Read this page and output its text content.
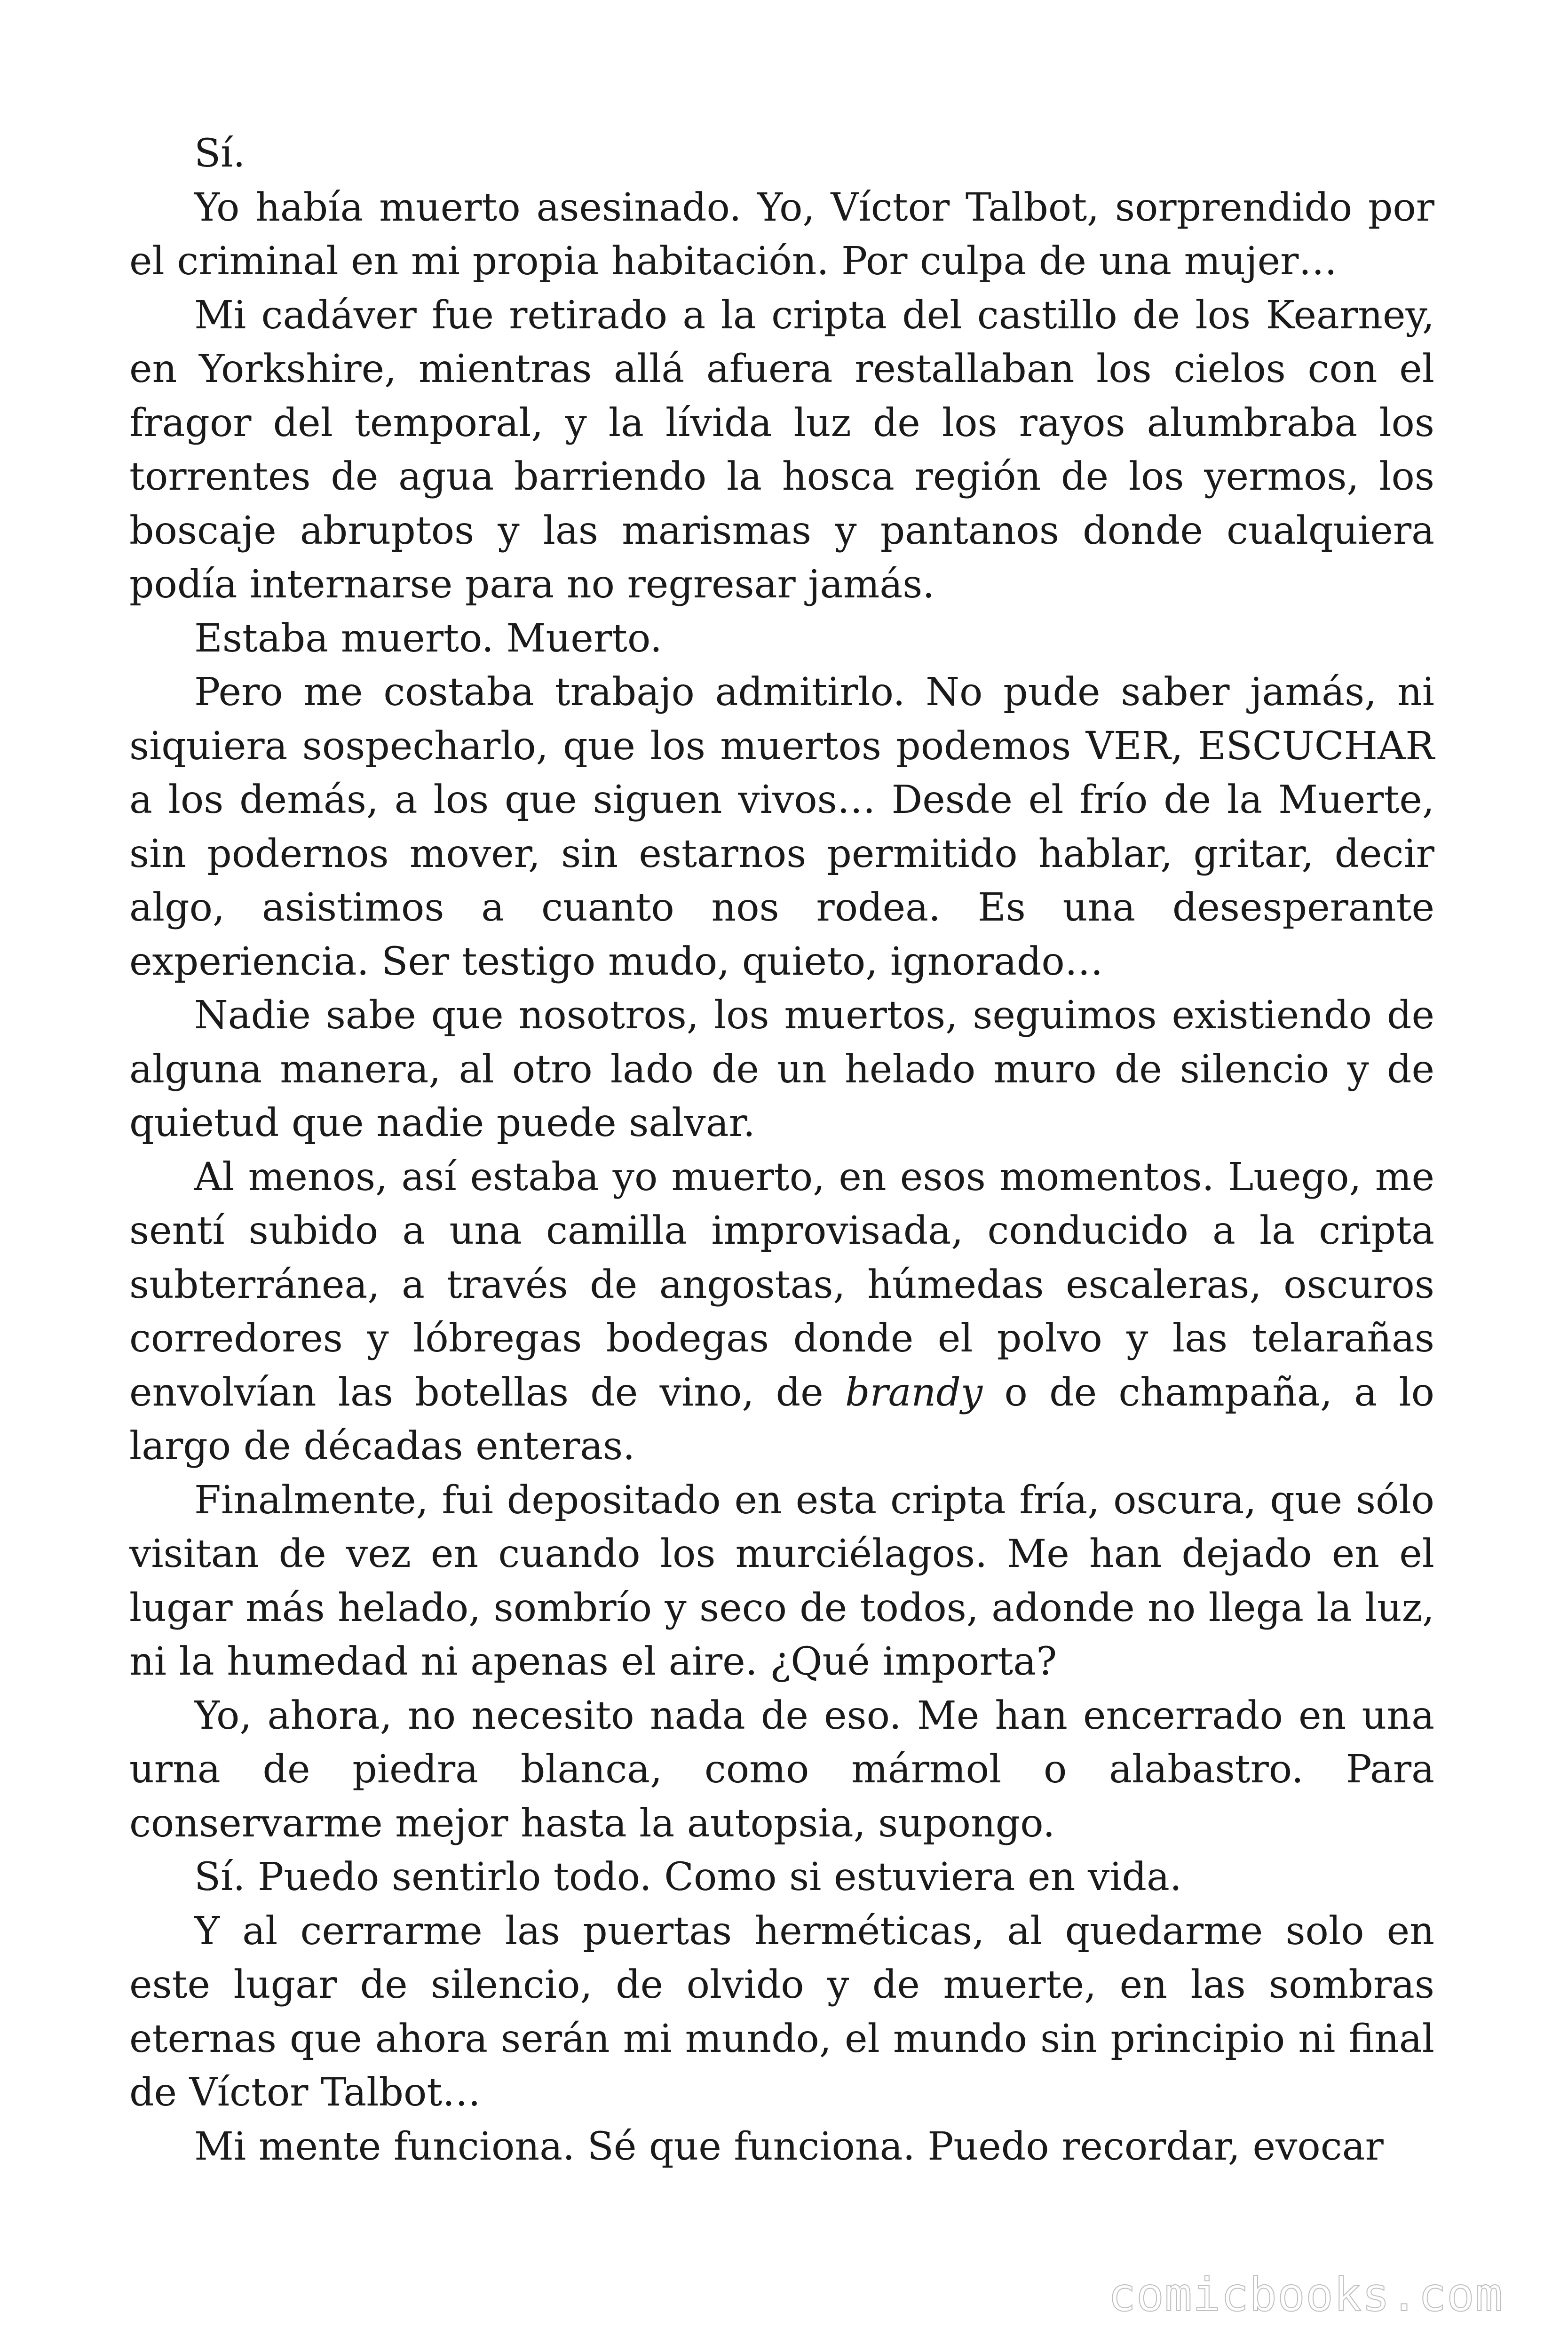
Sí.

Yo había muerto asesinado. Yo, Víctor Talbot, sorprendido por el criminal en mi propia habitación. Por culpa de una mujer…

Mi cadáver fue retirado a la cripta del castillo de los Kearney, en Yorkshire, mientras allá afuera restallaban los cielos con el fragor del temporal, y la lívida luz de los rayos alumbraba los torrentes de agua barriendo la hosca región de los yermos, los boscaje abruptos y las marismas y pantanos donde cualquiera podía internarse para no regresar jamás.

Estaba muerto. Muerto.

Pero me costaba trabajo admitirlo. No pude saber jamás, ni siquiera sospecharlo, que los muertos podemos VER, ESCUCHAR a los demás, a los que siguen vivos… Desde el frío de la Muerte, sin podernos mover, sin estarnos permitido hablar, gritar, decir algo, asistimos a cuanto nos rodea. Es una desesperante experiencia. Ser testigo mudo, quieto, ignorado…

Nadie sabe que nosotros, los muertos, seguimos existiendo de alguna manera, al otro lado de un helado muro de silencio y de quietud que nadie puede salvar.

Al menos, así estaba yo muerto, en esos momentos. Luego, me sentí subido a una camilla improvisada, conducido a la cripta subterránea, a través de angostas, húmedas escaleras, oscuros corredores y lóbregas bodegas donde el polvo y las telarañas envolvían las botellas de vino, de brandy o de champaña, a lo largo de décadas enteras.

Finalmente, fui depositado en esta cripta fría, oscura, que sólo visitan de vez en cuando los murciélagos. Me han dejado en el lugar más helado, sombrío y seco de todos, adonde no llega la luz, ni la humedad ni apenas el aire. ¿Qué importa?

Yo, ahora, no necesito nada de eso. Me han encerrado en una urna de piedra blanca, como mármol o alabastro. Para conservarme mejor hasta la autopsia, supongo.

Sí. Puedo sentirlo todo. Como si estuviera en vida.

Y al cerrarme las puertas herméticas, al quedarme solo en este lugar de silencio, de olvido y de muerte, en las sombras eternas que ahora serán mi mundo, el mundo sin principio ni final de Víctor Talbot…

Mi mente funciona. Sé que funciona. Puedo recordar, evocar

comicbooks.com
